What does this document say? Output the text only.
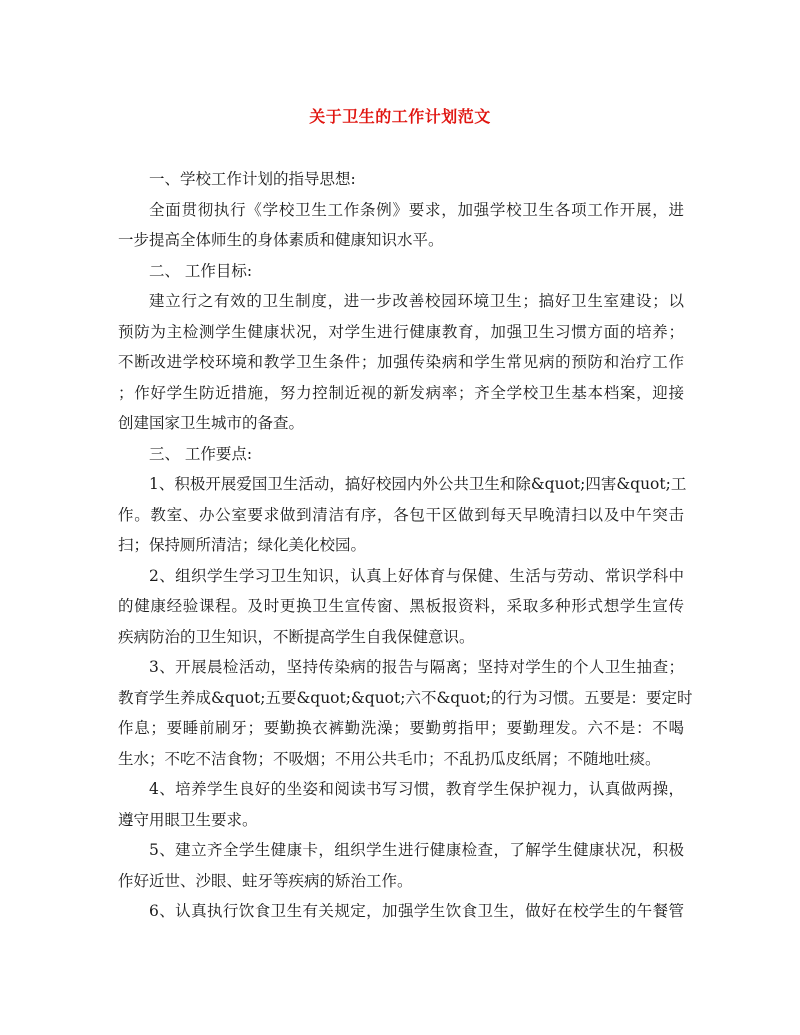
关于卫生的工作计划范文
一、学校工作计划的指导思想:
全面贯彻执行《学校卫生工作条例》要求，加强学校卫生各项工作开展，进
一步提高全体师生的身体素质和健康知识水平。
二、 工作目标:
建立行之有效的卫生制度，进一步改善校园环境卫生；搞好卫生室建设；以
预防为主检测学生健康状况，对学生进行健康教育，加强卫生习惯方面的培养；
不断改进学校环境和教学卫生条件；加强传染病和学生常见病的预防和治疗工作
；作好学生防近措施，努力控制近视的新发病率；齐全学校卫生基本档案，迎接
创建国家卫生城市的备查。
三、 工作要点:
1、积极开展爱国卫生活动，搞好校园内外公共卫生和除&quot;四害&quot;工
作。教室、办公室要求做到清洁有序，各包干区做到每天早晚清扫以及中午突击
扫；保持厕所清洁；绿化美化校园。
2、组织学生学习卫生知识，认真上好体育与保健、生活与劳动、常识学科中
的健康经验课程。及时更换卫生宣传窗、黑板报资料，采取多种形式想学生宣传
疾病防治的卫生知识，不断提高学生自我保健意识。
3、开展晨检活动，坚持传染病的报告与隔离；坚持对学生的个人卫生抽查；
教育学生养成&quot;五要&quot;&quot;六不&quot;的行为习惯。五要是：要定时
作息；要睡前刷牙；要勤换衣裤勤洗澡；要勤剪指甲；要勤理发。六不是：不喝
生水；不吃不洁食物；不吸烟；不用公共毛巾；不乱扔瓜皮纸屑；不随地吐痰。
4、培养学生良好的坐姿和阅读书写习惯，教育学生保护视力，认真做两操，
遵守用眼卫生要求。
5、建立齐全学生健康卡，组织学生进行健康检查，了解学生健康状况，积极
作好近世、沙眼、蛀牙等疾病的矫治工作。
6、认真执行饮食卫生有关规定，加强学生饮食卫生，做好在校学生的午餐管
